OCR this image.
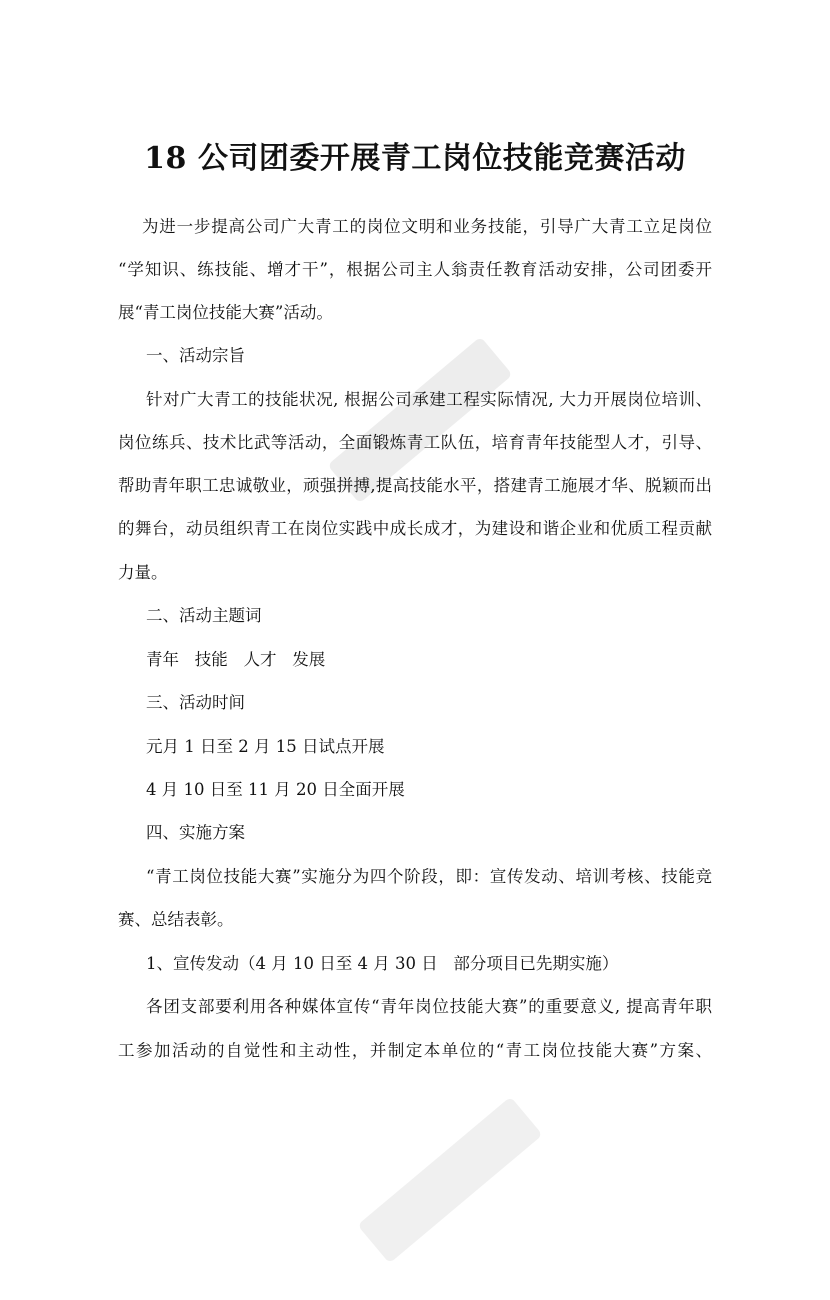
18 公司团委开展青工岗位技能竞赛活动

为进一步提高公司广大青工的岗位文明和业务技能，引导广大青工立足岗位

“学知识、练技能、增才干”，根据公司主人翁责任教育活动安排，公司团委开

展“青工岗位技能大赛”活动。

一、活动宗旨

针对广大青工的技能状况, 根据公司承建工程实际情况, 大力开展岗位培训、

岗位练兵、技术比武等活动，全面锻炼青工队伍，培育青年技能型人才，引导、

帮助青年职工忠诚敬业，顽强拼搏,提高技能水平，搭建青工施展才华、脱颖而出

的舞台，动员组织青工在岗位实践中成长成才，为建设和谐企业和优质工程贡献

力量。

二、活动主题词

青年   技能   人才   发展

三、活动时间

元月 1 日至 2 月 15 日试点开展

4 月 10 日至 11 月 20 日全面开展

四、实施方案

“青工岗位技能大赛”实施分为四个阶段，即：宣传发动、培训考核、技能竞

赛、总结表彰。

1、宣传发动（4 月 10 日至 4 月 30 日   部分项目已先期实施）

各团支部要利用各种媒体宣传“青年岗位技能大赛”的重要意义, 提高青年职

工参加活动的自觉性和主动性，并制定本单位的“青工岗位技能大赛”方案、
